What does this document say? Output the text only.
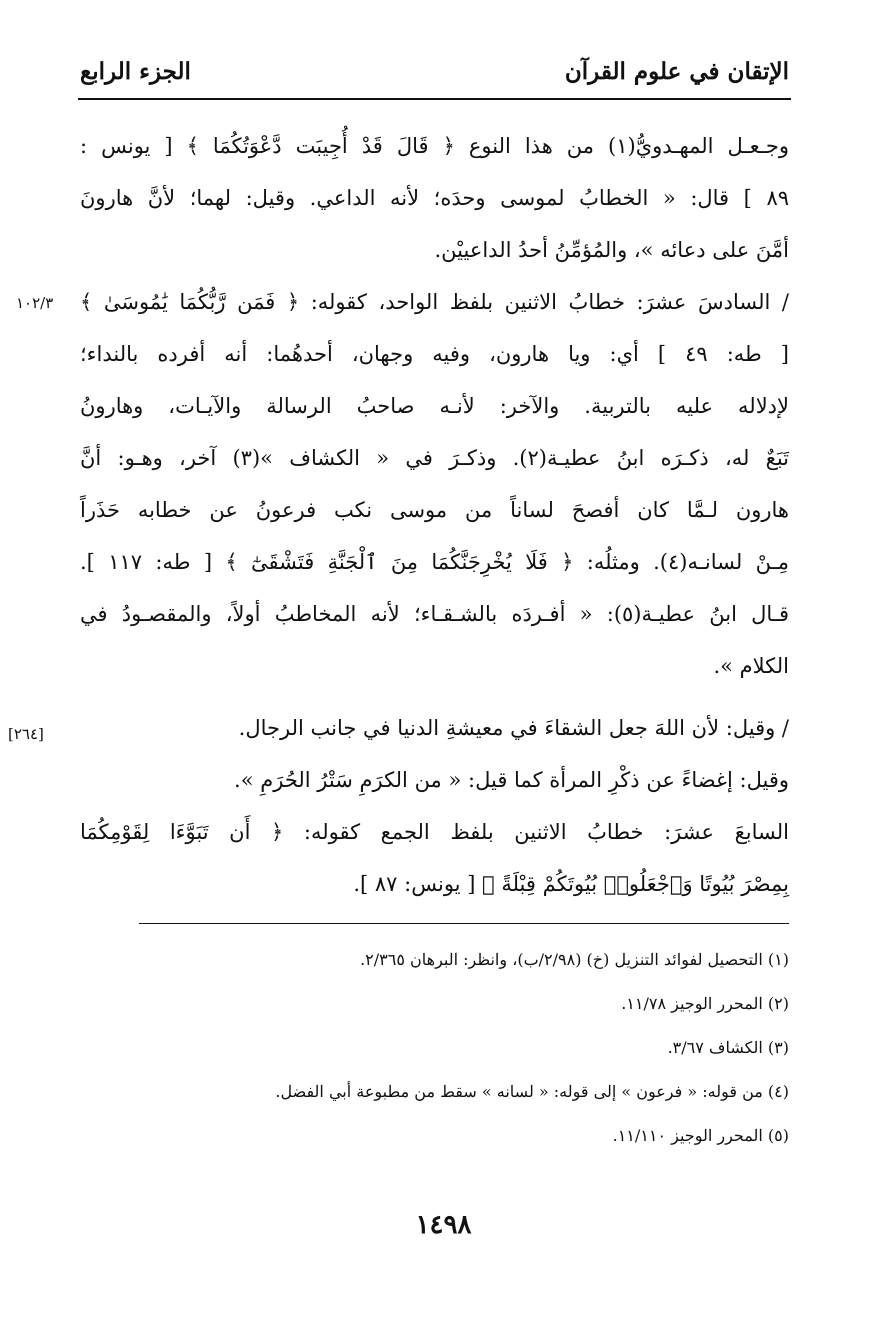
الإتقان في علوم القرآن
الجزء الرابع
١٠٢/٣
[٢٦٤]
وجـعـل المهـدويُّ(١) من هذا النوع ﴿ قَالَ قَدْ أُجِيبَت دَّعْوَتُكُمَا ﴾ [ يونس :
٨٩ ] قال: « الخطابُ لموسى وحدَه؛ لأنه الداعي. وقيل: لهما؛ لأنَّ هارونَ
أمَّنَ على دعائه »، والمُؤمِّنُ أحدُ الداعييْن.
/ السادسَ عشرَ: خطابُ الاثنين بلفظ الواحد، كقوله: ﴿ فَمَن رَّبُّكُمَا يَٰمُوسَىٰ ﴾
[ طه: ٤٩ ] أي: ويا هارون، وفيه وجهان، أحدهُما: أنه أفرده بالنداء؛
لإدلاله عليه بالتربية. والآخر: لأنـه صاحبُ الرسالة والآيـات، وهارونُ
تَبَعٌ له، ذكـرَه ابنُ عطيـة(٢). وذكـرَ في « الكشاف »(٣) آخر، وهـو: أنَّ
هارون لـمَّا كان أفصحَ لساناً من موسى نكب فرعونُ عن خطابه حَذَراً
مِـنْ لسانـه(٤). ومثلُه: ﴿ فَلَا يُخْرِجَنَّكُمَا مِنَ ٱلْجَنَّةِ فَتَشْقَىٰٓ ﴾ [ طه: ١١٧ ].
قـال ابنُ عطيـة(٥): « أفـردَه بالشـقـاء؛ لأنه المخاطبُ أولاً، والمقصـودُ في
الكلام ».
/ وقيل: لأن اللهَ جعل الشقاءَ في معيشةِ الدنيا في جانب الرجال.
وقيل: إغضاءً عن ذكْرِ المرأة كما قيل: « من الكرَمِ سَتْرُ الحُرَمِ ».
السابعَ عشرَ: خطابُ الاثنين بلفظ الجمع كقوله: ﴿ أَن تَبَوَّءَا لِقَوْمِكُمَا
بِمِصْرَ بُيُوتًا وَٱجْعَلُوا۟ بُيُوتَكُمْ قِبْلَةً ﴾ [ يونس: ٨٧ ].
(١) التحصيل لفوائد التنزيل (خ) (٢/٩٨/ب)، وانظر: البرهان ٢/٣٦٥.
(٢) المحرر الوجيز ١١/٧٨.
(٣) الكشاف ٣/٦٧.
(٤) من قوله: « فرعون » إلى قوله: « لسانه » سقط من مطبوعة أبي الفضل.
(٥) المحرر الوجيز ١١/١١٠.
١٤٩٨
